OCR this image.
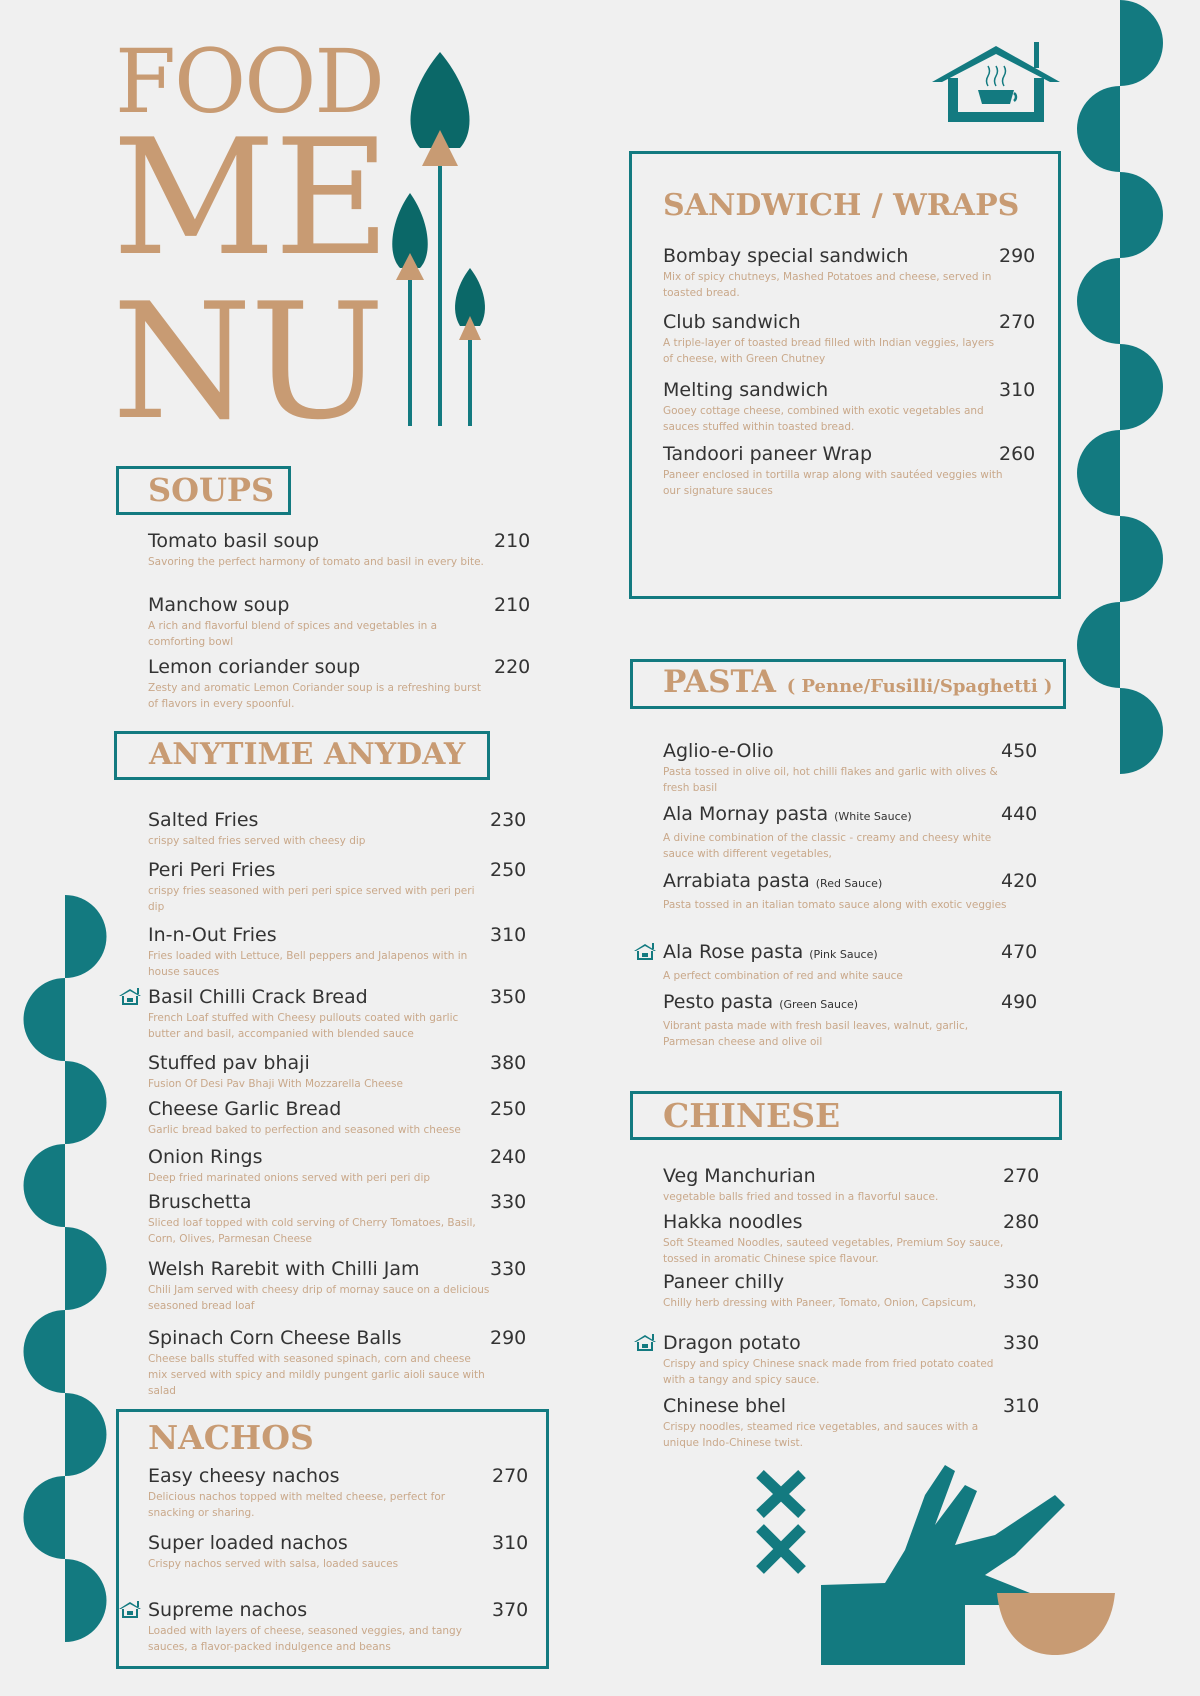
FOOD
ME
NU
SOUPS
ANYTIME ANYDAY
NACHOS
SANDWICH / WRAPS
PASTA ( Penne/Fusilli/Spaghetti )
CHINESE
Tomato basil soup	210
Savoring the perfect harmony of tomato and basil in every bite.
Manchow soup	210
A rich and flavorful blend of spices and vegetables in a comforting bowl
Lemon coriander soup	220
Zesty and aromatic Lemon Coriander soup is a refreshing burst of flavors in every spoonful.
Salted Fries	230
crispy salted fries served with cheesy dip
Peri Peri Fries	250
crispy fries seasoned with peri peri spice served with peri peri dip
In-n-Out Fries	310
Fries loaded with Lettuce, Bell peppers and Jalapenos with in house sauces
Basil Chilli Crack Bread	350
French Loaf stuffed with Cheesy pullouts coated with garlic butter and basil, accompanied with blended sauce
Stuffed pav bhaji	380
Fusion Of Desi Pav Bhaji With Mozzarella Cheese
Cheese Garlic Bread	250
Garlic bread baked to perfection and seasoned with cheese
Onion Rings	240
Deep fried marinated onions served with peri peri dip
Bruschetta	330
Sliced loaf topped with cold serving of Cherry Tomatoes, Basil, Corn, Olives, Parmesan Cheese
Welsh Rarebit with Chilli Jam	330
Chili Jam served with cheesy drip of mornay sauce on a delicious seasoned bread loaf
Spinach Corn Cheese Balls	290
Cheese balls stuffed with seasoned spinach, corn and cheese mix served with spicy and mildly pungent garlic aioli sauce with salad
Easy cheesy nachos	270
Delicious nachos topped with melted cheese, perfect for snacking or sharing.
Super loaded nachos	310
Crispy nachos served with salsa, loaded sauces
Supreme nachos	370
Loaded with layers of cheese, seasoned veggies, and tangy sauces, a flavor-packed indulgence and beans
Bombay special sandwich	290
Mix of spicy chutneys, Mashed Potatoes and cheese, served in toasted bread.
Club sandwich	270
A triple-layer of toasted bread filled with Indian veggies, layers of cheese, with Green Chutney
Melting sandwich	310
Gooey cottage cheese, combined with exotic vegetables and sauces stuffed within toasted bread.
Tandoori paneer Wrap	260
Paneer enclosed in tortilla wrap along with sautéed veggies with our signature sauces
Aglio-e-Olio	450
Pasta tossed in olive oil, hot chilli flakes and garlic with olives & fresh basil
Ala Mornay pasta (White Sauce)	440
A divine combination of the classic - creamy and cheesy white sauce with different vegetables,
Arrabiata pasta (Red Sauce)	420
Pasta tossed in an italian tomato sauce along with exotic veggies
Ala Rose pasta (Pink Sauce)	470
A perfect combination of red and white sauce
Pesto pasta (Green Sauce)	490
Vibrant pasta made with fresh basil leaves, walnut, garlic, Parmesan cheese and olive oil
Veg Manchurian	270
vegetable balls fried and tossed in a flavorful sauce.
Hakka noodles	280
Soft Steamed Noodles, sauteed vegetables, Premium Soy sauce, tossed in aromatic Chinese spice flavour.
Paneer chilly	330
Chilly herb dressing with Paneer, Tomato, Onion, Capsicum,
Dragon potato	330
Crispy and spicy Chinese snack made from fried potato coated with a tangy and spicy sauce.
Chinese bhel	310
Crispy noodles, steamed rice vegetables, and sauces with a unique Indo-Chinese twist.
